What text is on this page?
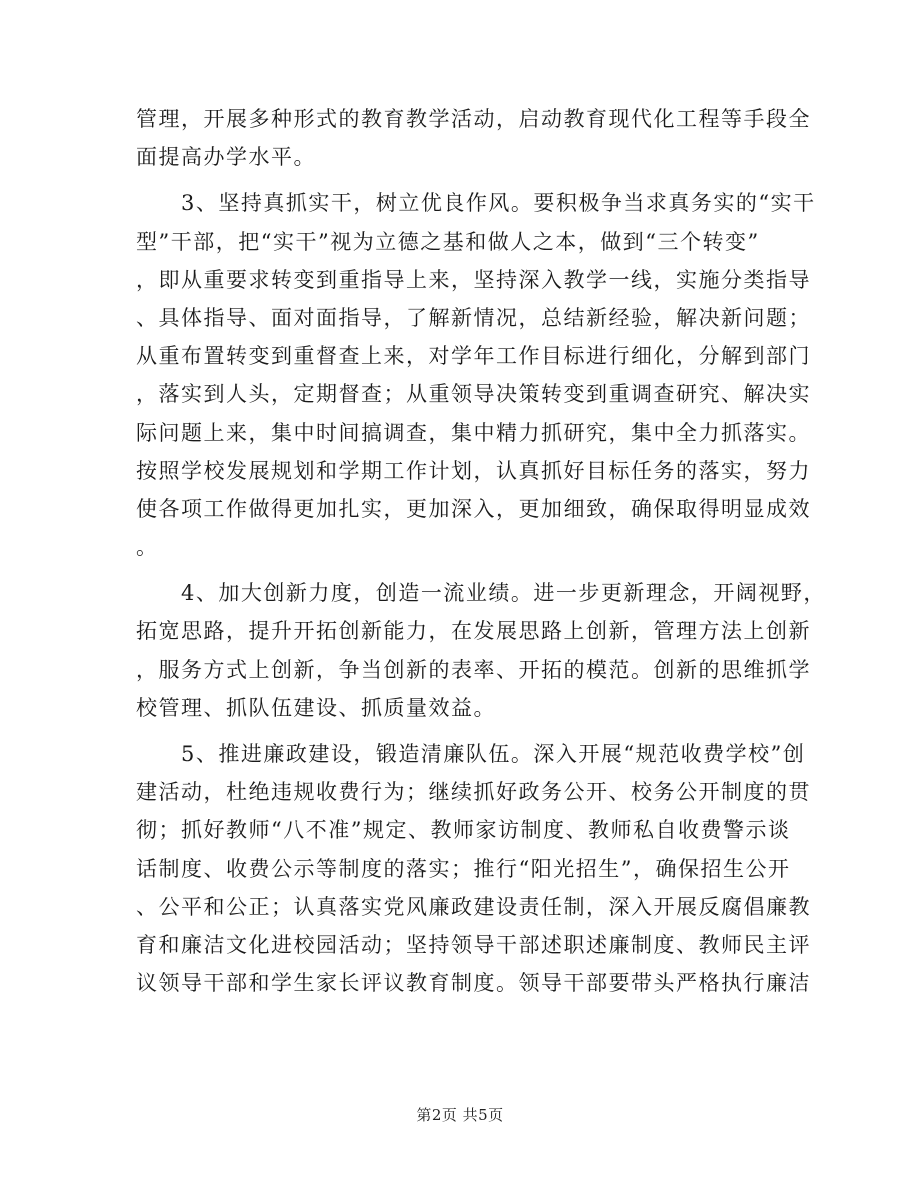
管理，开展多种形式的教育教学活动，启动教育现代化工程等手段全
面提高办学水平。
　　3、坚持真抓实干，树立优良作风。要积极争当求真务实的“实干
型”干部，把“实干”视为立德之基和做人之本，做到“三个转变”
，即从重要求转变到重指导上来，坚持深入教学一线，实施分类指导
、具体指导、面对面指导，了解新情况，总结新经验，解决新问题；
从重布置转变到重督查上来，对学年工作目标进行细化，分解到部门
，落实到人头，定期督查；从重领导决策转变到重调查研究、解决实
际问题上来，集中时间搞调查，集中精力抓研究，集中全力抓落实。
按照学校发展规划和学期工作计划，认真抓好目标任务的落实，努力
使各项工作做得更加扎实，更加深入，更加细致，确保取得明显成效
。
　　4、加大创新力度，创造一流业绩。进一步更新理念，开阔视野，
拓宽思路，提升开拓创新能力，在发展思路上创新，管理方法上创新
，服务方式上创新，争当创新的表率、开拓的模范。创新的思维抓学
校管理、抓队伍建设、抓质量效益。
　　5、推进廉政建设，锻造清廉队伍。深入开展“规范收费学校”创
建活动，杜绝违规收费行为；继续抓好政务公开、校务公开制度的贯
彻；抓好教师“八不准”规定、教师家访制度、教师私自收费警示谈
话制度、收费公示等制度的落实；推行“阳光招生”，确保招生公开
、公平和公正；认真落实党风廉政建设责任制，深入开展反腐倡廉教
育和廉洁文化进校园活动；坚持领导干部述职述廉制度、教师民主评
议领导干部和学生家长评议教育制度。领导干部要带头严格执行廉洁
第2页 共5页
